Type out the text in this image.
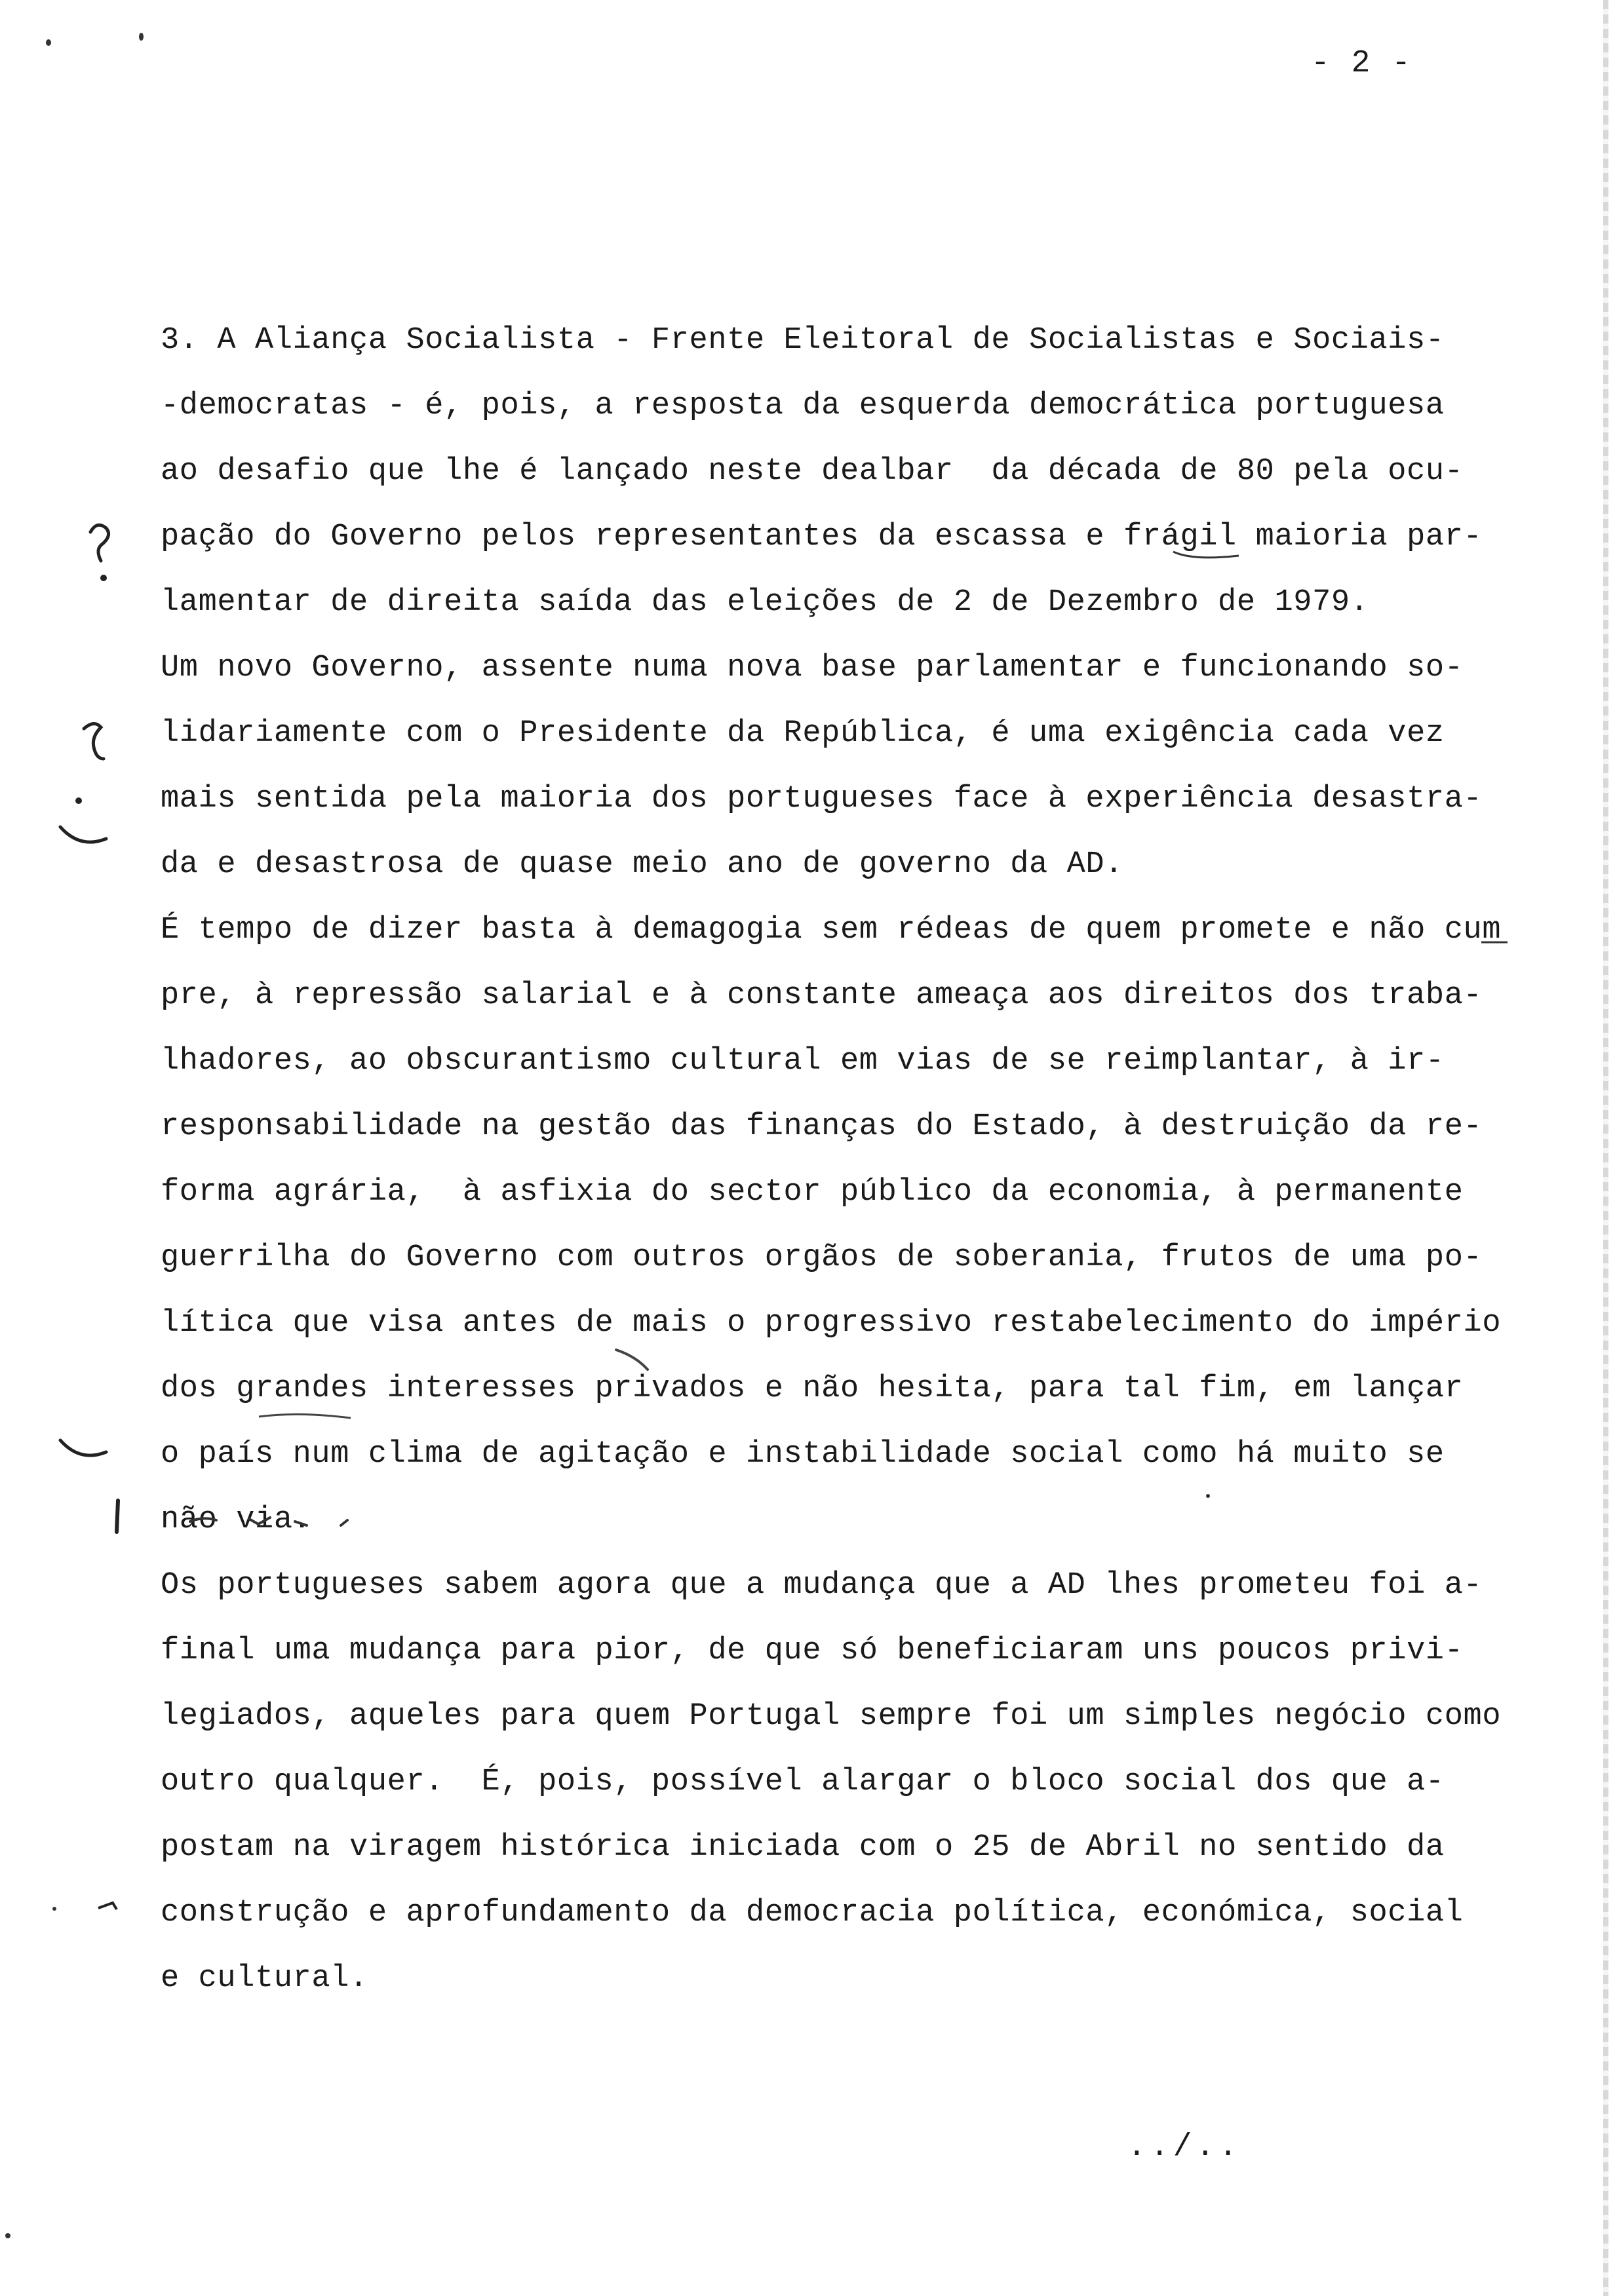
- 2 -
3. A Aliança Socialista - Frente Eleitoral de Socialistas e Sociais-
-democratas - é, pois, a resposta da esquerda democrática portuguesa
ao desafio que lhe é lançado neste dealbar  da década de 80 pela ocu-
pação do Governo pelos representantes da escassa e frágil maioria par-
lamentar de direita saída das eleições de 2 de Dezembro de 1979.
Um novo Governo, assente numa nova base parlamentar e funcionando so-
lidariamente com o Presidente da República, é uma exigência cada vez
mais sentida pela maioria dos portugueses face à experiência desastra-
da e desastrosa de quase meio ano de governo da AD.
É tempo de dizer basta à demagogia sem rédeas de quem promete e não cum
pre, à repressão salarial e à constante ameaça aos direitos dos traba-
lhadores, ao obscurantismo cultural em vias de se reimplantar, à ir-
responsabilidade na gestão das finanças do Estado, à destruição da re-
forma agrária,  à asfixia do sector público da economia, à permanente
guerrilha do Governo com outros orgãos de soberania, frutos de uma po-
lítica que visa antes de mais o progressivo restabelecimento do império
dos grandes interesses privados e não hesita, para tal fim, em lançar
o país num clima de agitação e instabilidade social como há muito se
não via.
Os portugueses sabem agora que a mudança que a AD lhes prometeu foi a-
final uma mudança para pior, de que só beneficiaram uns poucos privi-
legiados, aqueles para quem Portugal sempre foi um simples negócio como
outro qualquer.  É, pois, possível alargar o bloco social dos que a-
postam na viragem histórica iniciada com o 25 de Abril no sentido da
construção e aprofundamento da democracia política, económica, social
e cultural.
../..
